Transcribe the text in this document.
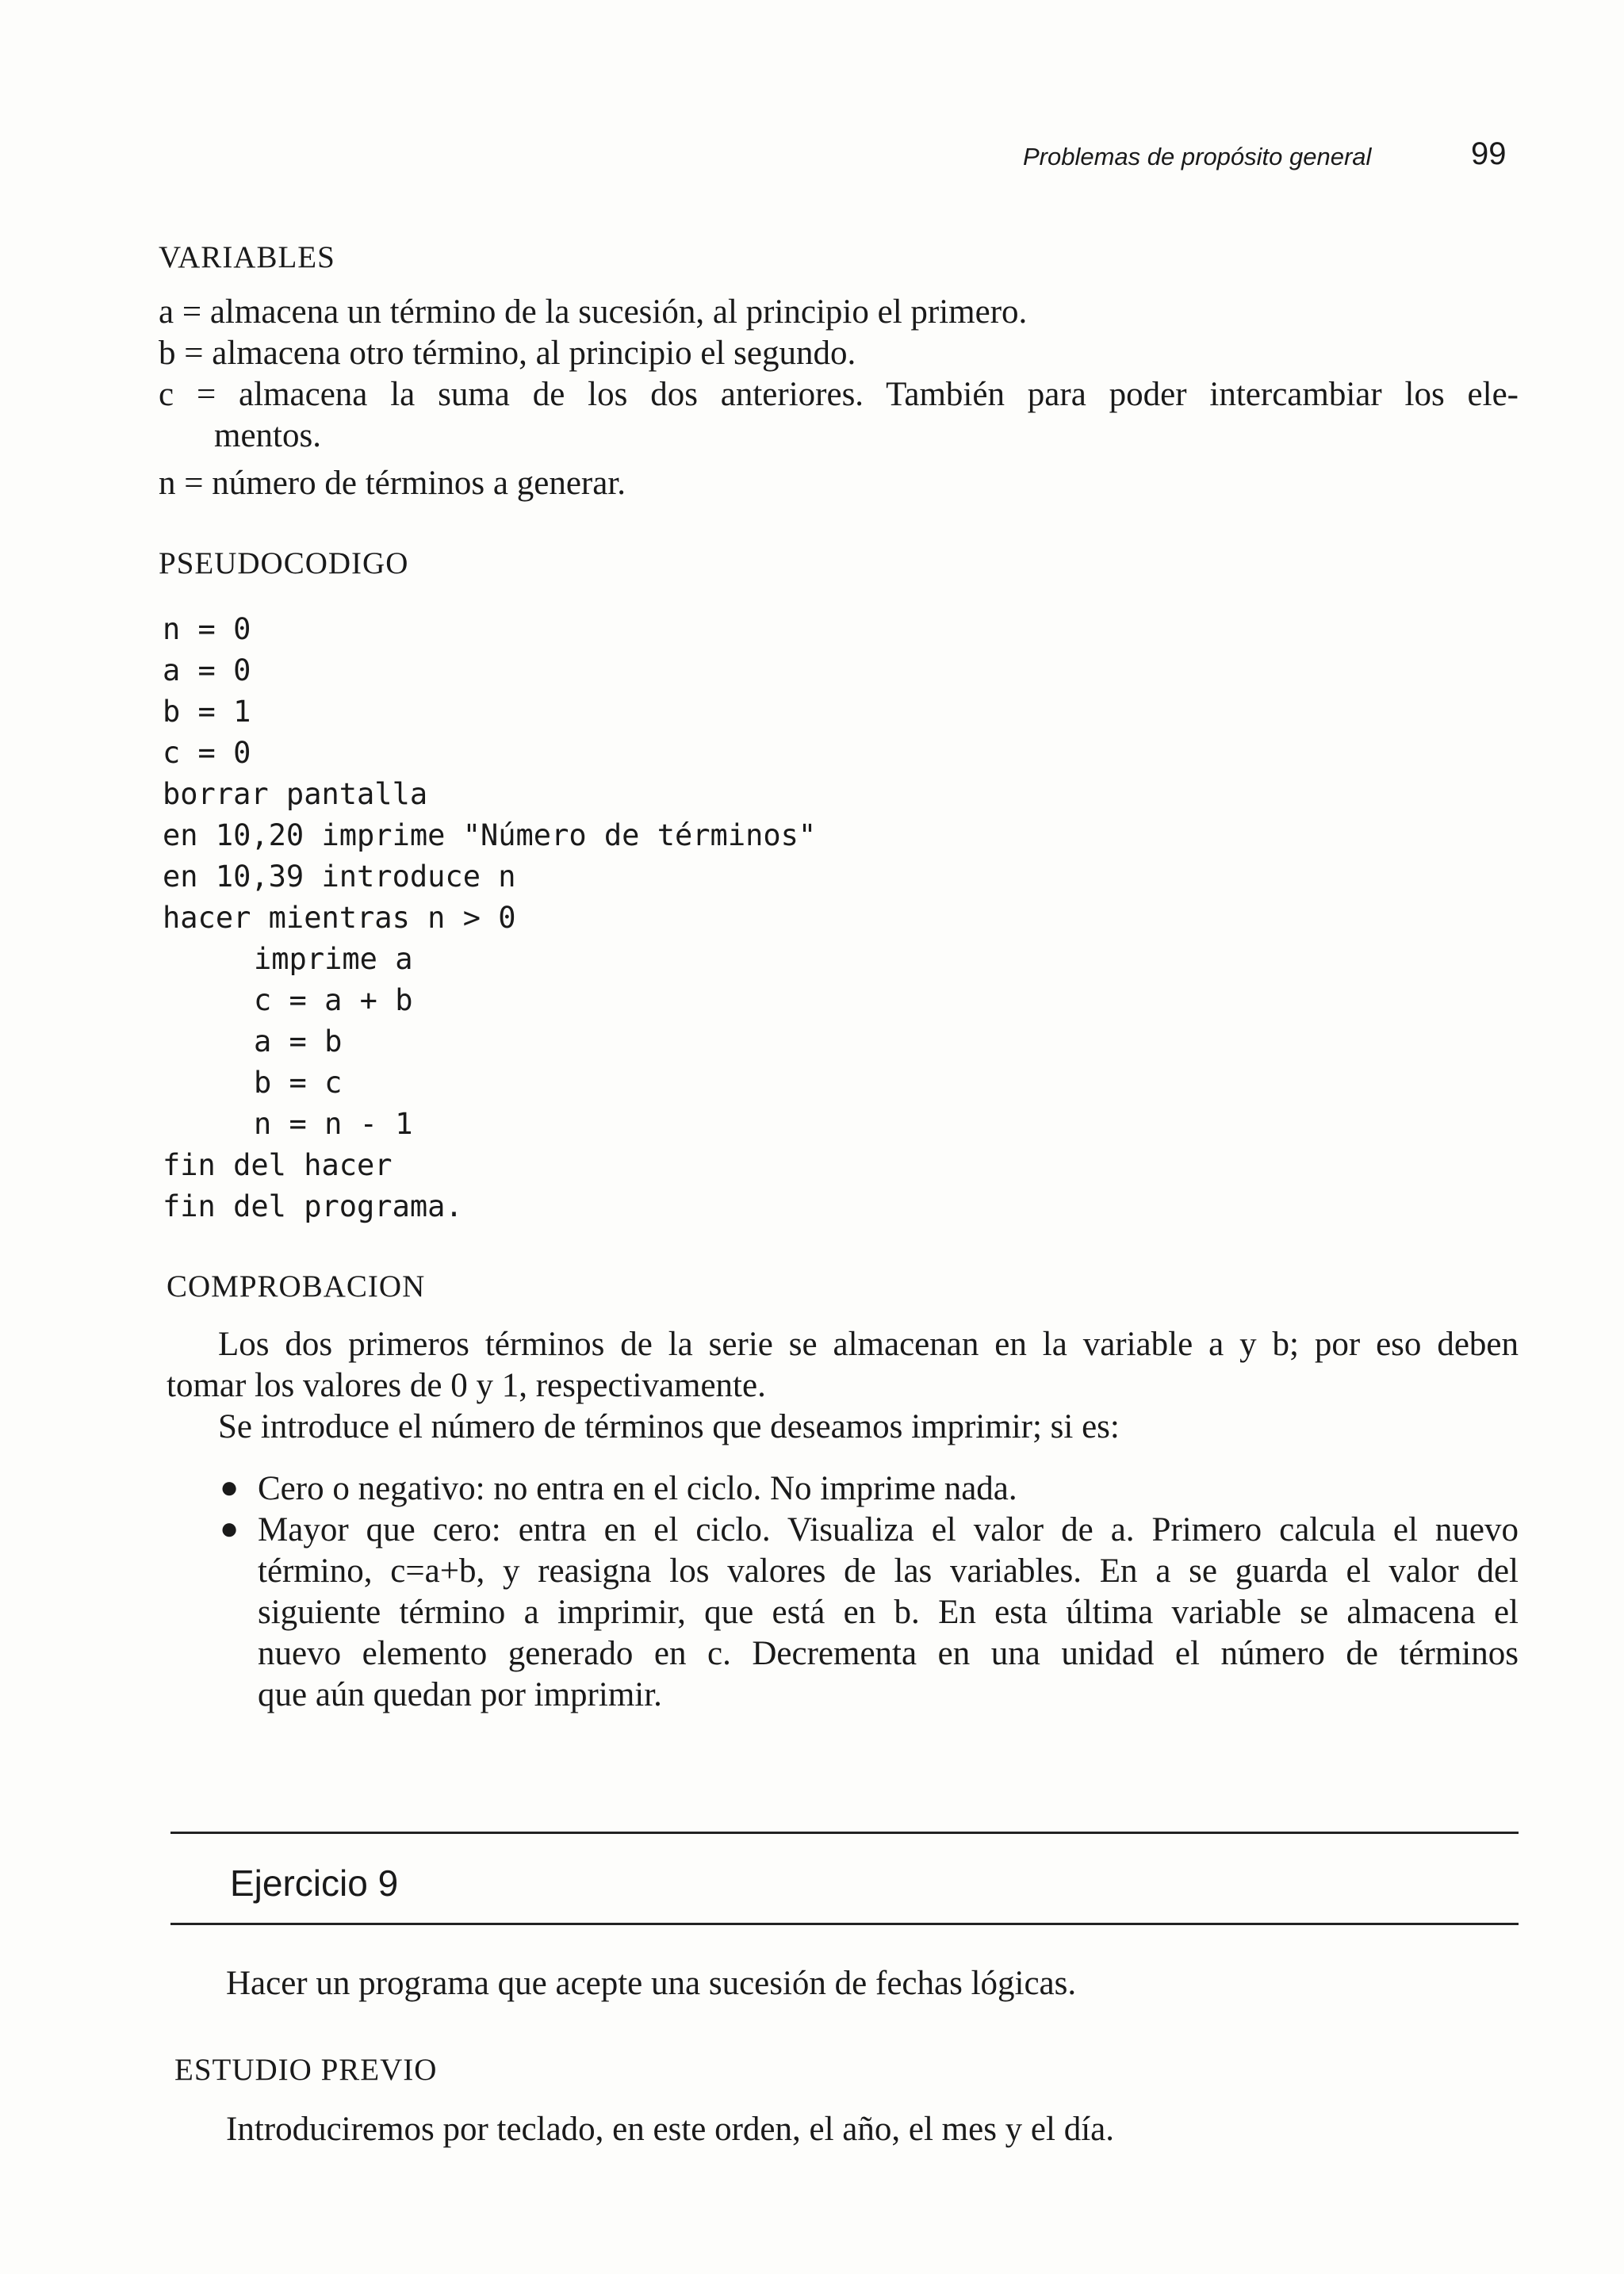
Problemas de propósito general	99
VARIABLES
a = almacena un término de la sucesión, al principio el primero.
b = almacena otro término, al principio el segundo.
c = almacena la suma de los dos anteriores. También para poder intercambiar los ele-
mentos.
n = número de términos a generar.
PSEUDOCODIGO
n = 0
a = 0
b = 1
c = 0
borrar pantalla
en 10,20 imprime "Número de términos"
en 10,39 introduce n
hacer mientras n > 0
imprime a
c = a + b
a = b
b = c
n = n - 1
fin del hacer
fin del programa.
COMPROBACION
Los dos primeros términos de la serie se almacenan en la variable a y b; por eso deben
tomar los valores de 0 y 1, respectivamente.
Se introduce el número de términos que deseamos imprimir; si es:
● Cero o negativo: no entra en el ciclo. No imprime nada.
● Mayor que cero: entra en el ciclo. Visualiza el valor de a. Primero calcula el nuevo
término, c=a+b, y reasigna los valores de las variables. En a se guarda el valor del
siguiente término a imprimir, que está en b. En esta última variable se almacena el
nuevo elemento generado en c. Decrementa en una unidad el número de términos
que aún quedan por imprimir.
Ejercicio 9
Hacer un programa que acepte una sucesión de fechas lógicas.
ESTUDIO PREVIO
Introduciremos por teclado, en este orden, el año, el mes y el día.
